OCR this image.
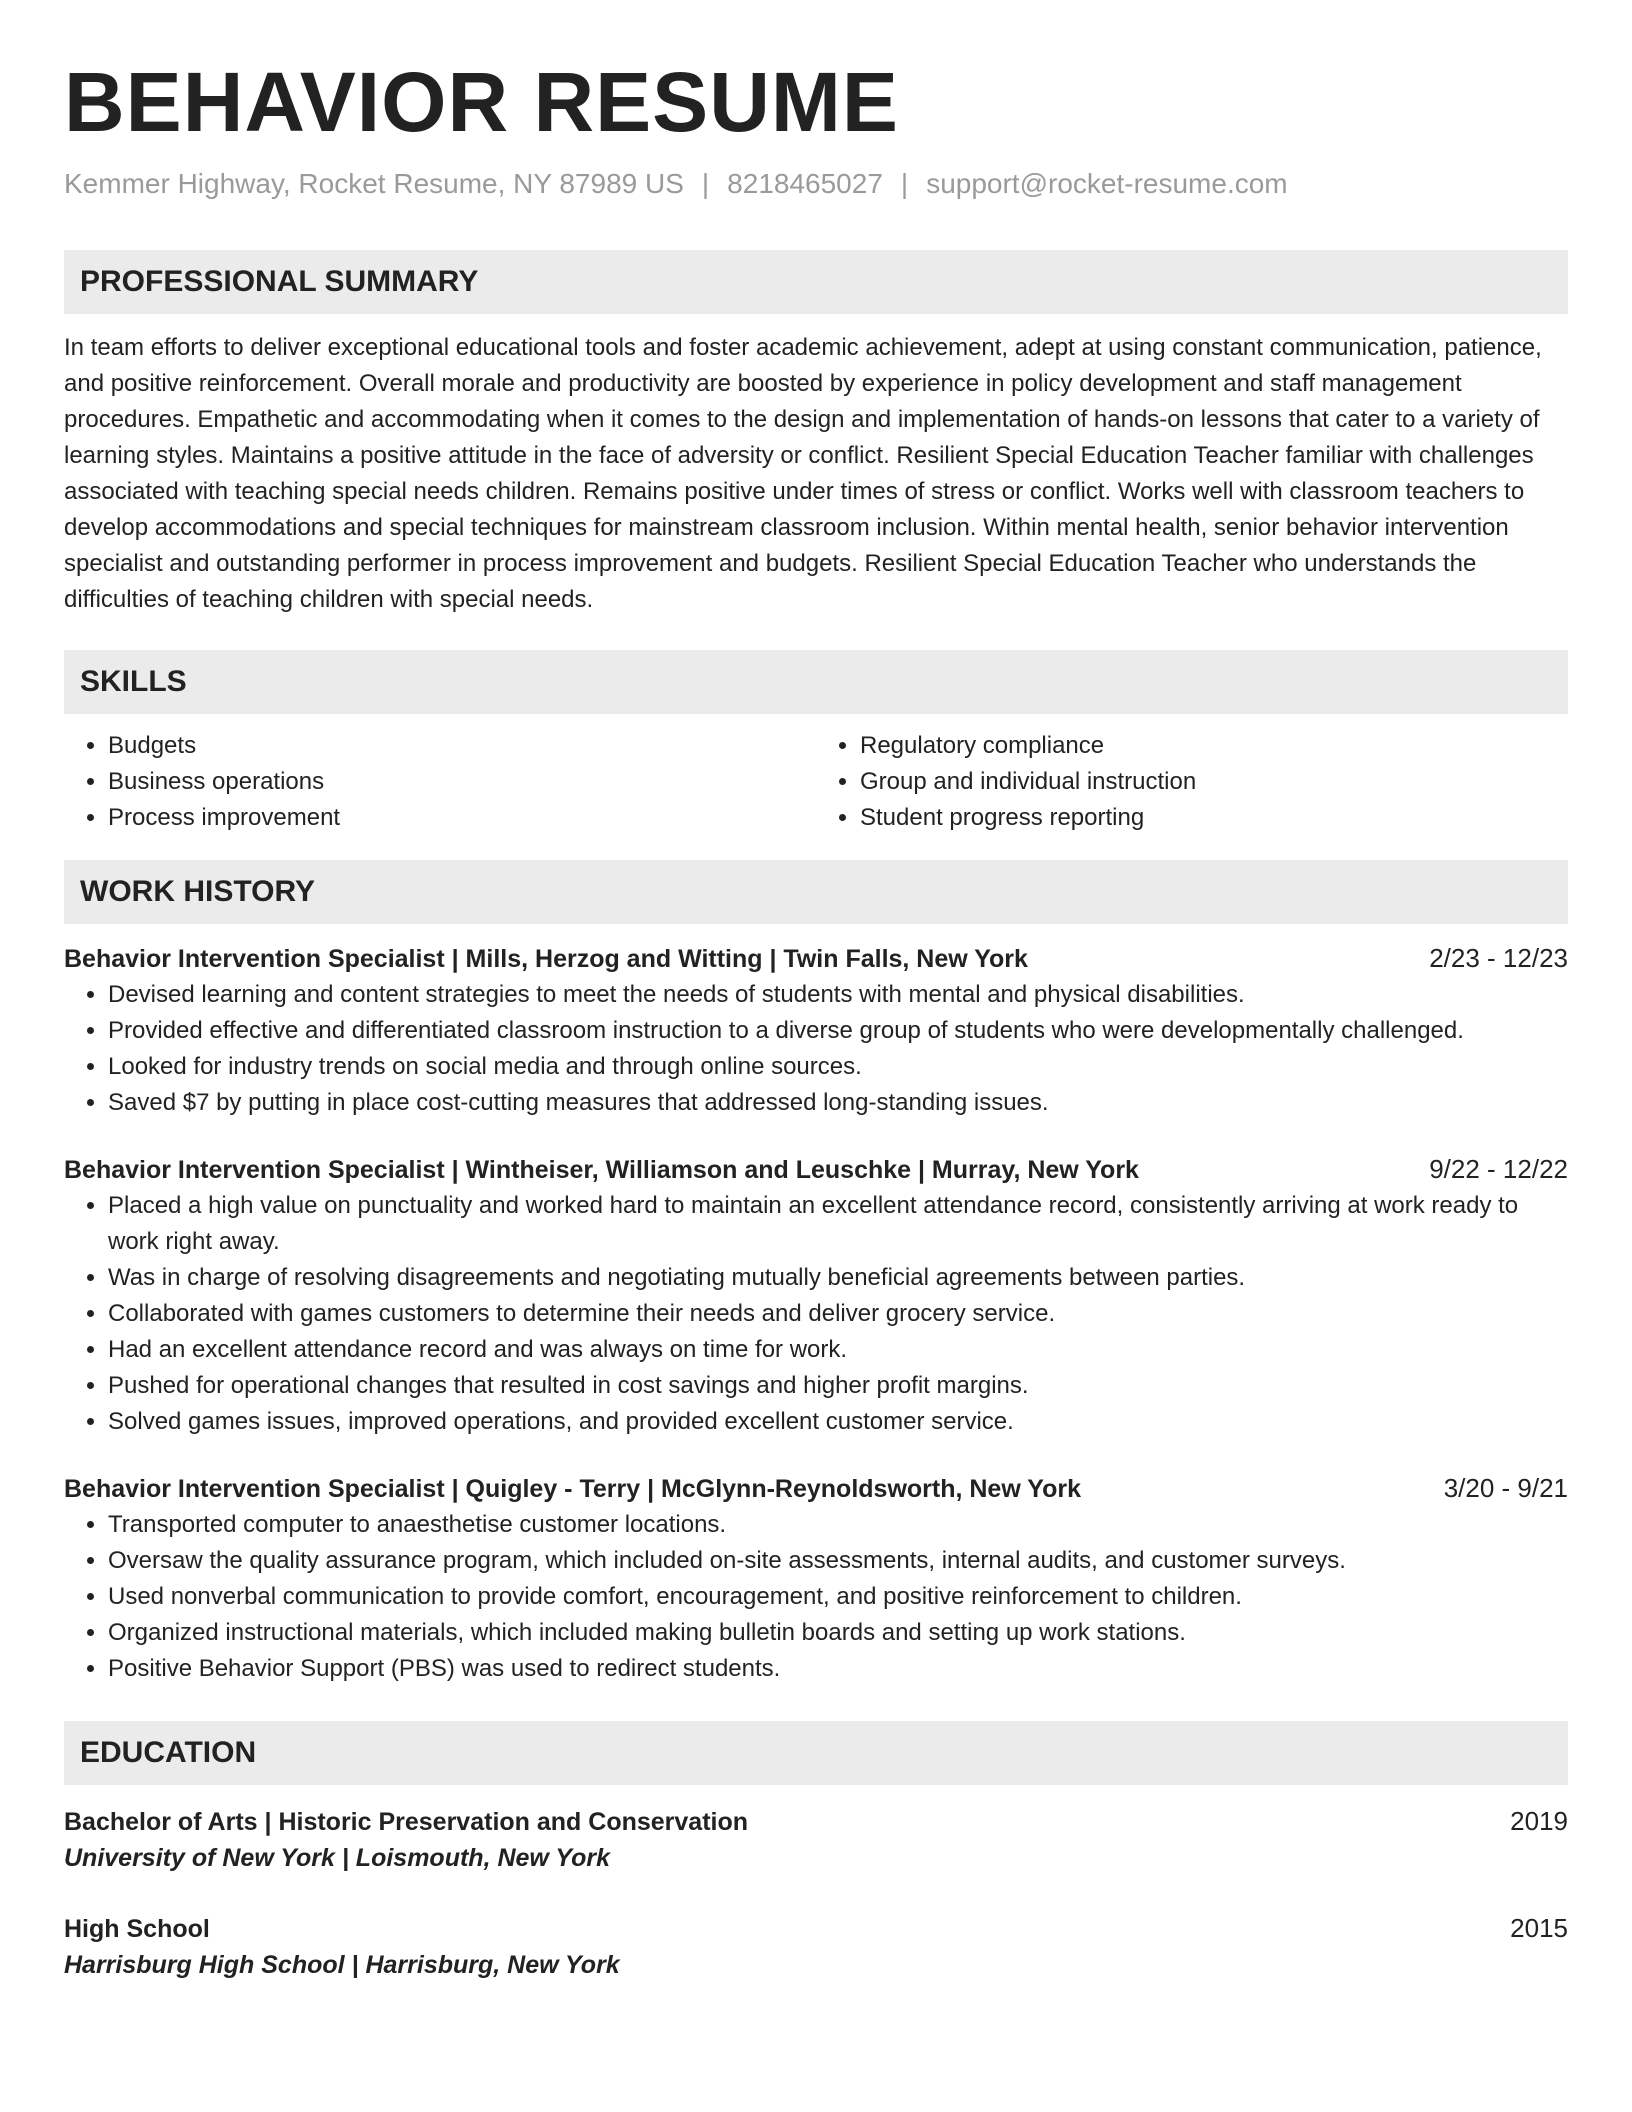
BEHAVIOR RESUME
Kemmer Highway, Rocket Resume, NY 87989 US | 8218465027 | support@rocket-resume.com
PROFESSIONAL SUMMARY

In team efforts to deliver exceptional educational tools and foster academic achievement, adept at using constant communication, patience, and positive reinforcement. Overall morale and productivity are boosted by experience in policy development and staff management procedures. Empathetic and accommodating when it comes to the design and implementation of hands-on lessons that cater to a variety of learning styles. Maintains a positive attitude in the face of adversity or conflict. Resilient Special Education Teacher familiar with challenges associated with teaching special needs children. Remains positive under times of stress or conflict. Works well with classroom teachers to develop accommodations and special techniques for mainstream classroom inclusion. Within mental health, senior behavior intervention specialist and outstanding performer in process improvement and budgets. Resilient Special Education Teacher who understands the difficulties of teaching children with special needs.

SKILLS
• Budgets
• Business operations
• Process improvement
• Regulatory compliance
• Group and individual instruction
• Student progress reporting
WORK HISTORY
Behavior Intervention Specialist | Mills, Herzog and Witting | Twin Falls, New York	2/23 - 12/23
• Devised learning and content strategies to meet the needs of students with mental and physical disabilities.
• Provided effective and differentiated classroom instruction to a diverse group of students who were developmentally challenged.
• Looked for industry trends on social media and through online sources.
• Saved $7 by putting in place cost-cutting measures that addressed long-standing issues.
Behavior Intervention Specialist | Wintheiser, Williamson and Leuschke | Murray, New York	9/22 - 12/22
• Placed a high value on punctuality and worked hard to maintain an excellent attendance record, consistently arriving at work ready to work right away.
• Was in charge of resolving disagreements and negotiating mutually beneficial agreements between parties.
• Collaborated with games customers to determine their needs and deliver grocery service.
• Had an excellent attendance record and was always on time for work.
• Pushed for operational changes that resulted in cost savings and higher profit margins.
• Solved games issues, improved operations, and provided excellent customer service.
Behavior Intervention Specialist | Quigley - Terry | McGlynn-Reynoldsworth, New York	3/20 - 9/21
• Transported computer to anaesthetise customer locations.
• Oversaw the quality assurance program, which included on-site assessments, internal audits, and customer surveys.
• Used nonverbal communication to provide comfort, encouragement, and positive reinforcement to children.
• Organized instructional materials, which included making bulletin boards and setting up work stations.
• Positive Behavior Support (PBS) was used to redirect students.
EDUCATION
Bachelor of Arts | Historic Preservation and Conservation	2019
University of New York | Loismouth, New York
High School	2015
Harrisburg High School | Harrisburg, New York
